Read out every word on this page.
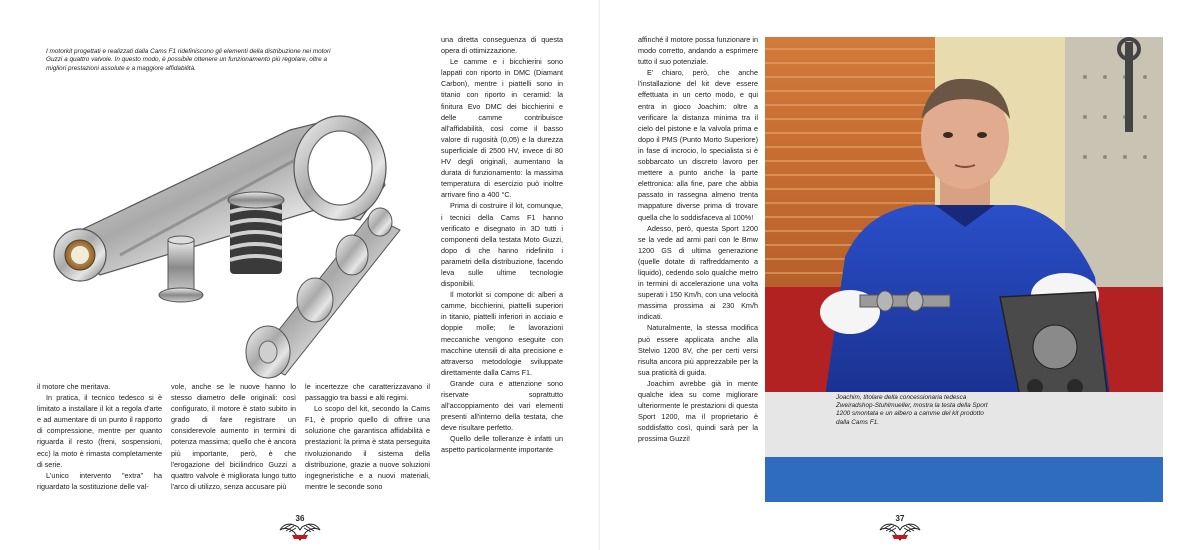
I motorkit progettati e realizzati dalla Cams F1 ridefiniscono gli elementi della distribuzione nei motori Guzzi a quattro valvole. In questo modo, è possibile ottenere un funzionamento più regolare, oltre a migliori prestazioni assolute e a maggiore affidabilità.

il motore che meritava.

In pratica, il tecnico tedesco si è limitato a installare il kit a regola d'arte e ad aumentare di un punto il rapporto di compressione, mentre per quanto riguarda il resto (freni, sospensioni, ecc) la moto è rimasta completamente di serie.

L'unico intervento "extra" ha riguardato la sostituzione delle val-

vole, anche se le nuove hanno lo stesso diametro delle originali: così configurato, il motore è stato subito in grado di fare registrare un considerevole aumento in termini di potenza massima; quello che è ancora più importante, però, è che l'erogazione del bicilindrico Guzzi a quattro valvole è migliorata lungo tutto l'arco di utilizzo, senza accusare più

le incertezze che caratterizzavano il passaggio tra bassi e alti regimi.

Lo scopo del kit, secondo la Cams F1, è proprio quello di offrire una soluzione che garantisca affidabilità e prestazioni: la prima è stata perseguita rivoluzionando il sistema della distribuzione, grazie a nuove soluzioni ingegneristiche e a nuovi materiali, mentre le seconde sono

una diretta conseguenza di questa opera di ottimizzazione.

Le camme e i bicchierini sono lappati con riporto in DMC (Diamant Carbon), mentre i piattelli sono in titanio con riporto in ceramid: la finitura Evo DMC dei bicchierini e delle camme contribuisce all'affidabilità, così come il basso valore di rugosità (0,05) e la durezza superficiale di 2500 HV, invece di 80 HV degli originali, aumentano la durata di funzionamento: la massima temperatura di esercizio può inoltre arrivare fino a 400 °C.

Prima di costruire il kit, comunque, i tecnici della Cams F1 hanno verificato e disegnato in 3D tutti i componenti della testata Moto Guzzi, dopo di che hanno ridefinito i parametri della distribuzione, facendo leva sulle ultime tecnologie disponibili.

Il motorkit si compone di: alberi a camme, bicchierini, piattelli superiori in titanio, piattelli inferiori in acciaio e doppie molle; le lavorazioni meccaniche vengono eseguite con macchine utensili di alta precisione e attraverso metodologie sviluppate direttamente dalla Cams F1.

Grande cura e attenzione sono riservate soprattutto all'accoppiamento dei vari elementi presenti all'interno della testata, che deve risultare perfetto.

Quello delle tolleranze è infatti un aspetto particolarmente importante

36

affinché il motore possa funzionare in modo corretto, andando a esprimere tutto il suo potenziale.

E' chiaro, però, che anche l'installazione del kit deve essere effettuata in un certo modo, e qui entra in gioco Joachim: oltre a verificare la distanza minima tra il cielo del pistone e la valvola prima e dopo il PMS (Punto Morto Superiore) in fase di incrocio, lo specialista si è sobbarcato un discreto lavoro per mettere a punto anche la parte elettronica: alla fine, pare che abbia passato in rassegna almeno trenta mappature diverse prima di trovare quella che lo soddisfaceva al 100%!

Adesso, però, questa Sport 1200 se la vede ad armi pari con le Bmw 1200 GS di ultima generazione (quelle dotate di raffreddamento a liquido), cedendo solo qualche metro in termini di accelerazione una volta superati i 150 Km/h, con una velocità massima prossima ai 230 Km/h indicati.

Naturalmente, la stessa modifica può essere applicata anche alla Stelvio 1200 8V, che per certi versi risulta ancora più apprezzabile per la sua praticità di guida.

Joachim avrebbe già in mente qualche idea su come migliorare ulteriormente le prestazioni di questa Sport 1200, ma il proprietario è soddisfatto così, quindi sarà per la prossima Guzzi!

37
Joachim, titolare della concessionaria tedesca Zweiradshop-Stuhlmueller, mostra la testa della Sport 1200 smontata e un albero a camme del kit prodotto dalla Cams F1.
